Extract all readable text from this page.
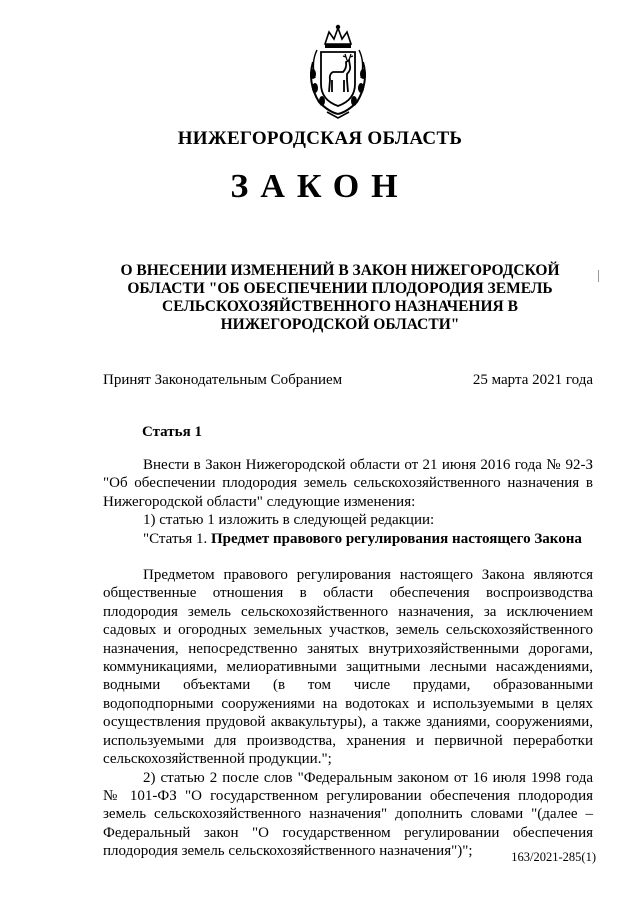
НИЖЕГОРОДСКАЯ ОБЛАСТЬ
ЗАКОН
О ВНЕСЕНИИ ИЗМЕНЕНИЙ В ЗАКОН НИЖЕГОРОДСКОЙ
ОБЛАСТИ "ОБ ОБЕСПЕЧЕНИИ ПЛОДОРОДИЯ ЗЕМЕЛЬ
СЕЛЬСКОХОЗЯЙСТВЕННОГО НАЗНАЧЕНИЯ В
НИЖЕГОРОДСКОЙ ОБЛАСТИ"
Принят Законодательным Собранием	25 марта 2021 года
Статья 1

Внести в Закон Нижегородской области от 21 июня 2016 года № 92-З "Об обеспечении плодородия земель сельскохозяйственного назначения в Нижегородской области" следующие изменения:

1) статью 1 изложить в следующей редакции:

"Статья 1. Предмет правового регулирования настоящего Закона

Предметом правового регулирования настоящего Закона являются общественные отношения в области обеспечения воспроизводства плодородия земель сельскохозяйственного назначения, за исключением садовых и огородных земельных участков, земель сельскохозяйственного назначения, непосредственно занятых внутрихозяйственными дорогами, коммуникациями, мелиоративными защитными лесными насаждениями, водными объектами (в том числе прудами, образованными водоподпорными сооружениями на водотоках и используемыми в целях осуществления прудовой аквакультуры), а также зданиями, сооружениями, используемыми для производства, хранения и первичной переработки сельскохозяйственной продукции.";

2) статью 2 после слов "Федеральным законом от 16 июля 1998 года № 101-ФЗ "О государственном регулировании обеспечения плодородия земель сельскохозяйственного назначения" дополнить словами "(далее – Федеральный закон "О государственном регулировании обеспечения плодородия земель сельскохозяйственного назначения")";	163/2021-285(1)
